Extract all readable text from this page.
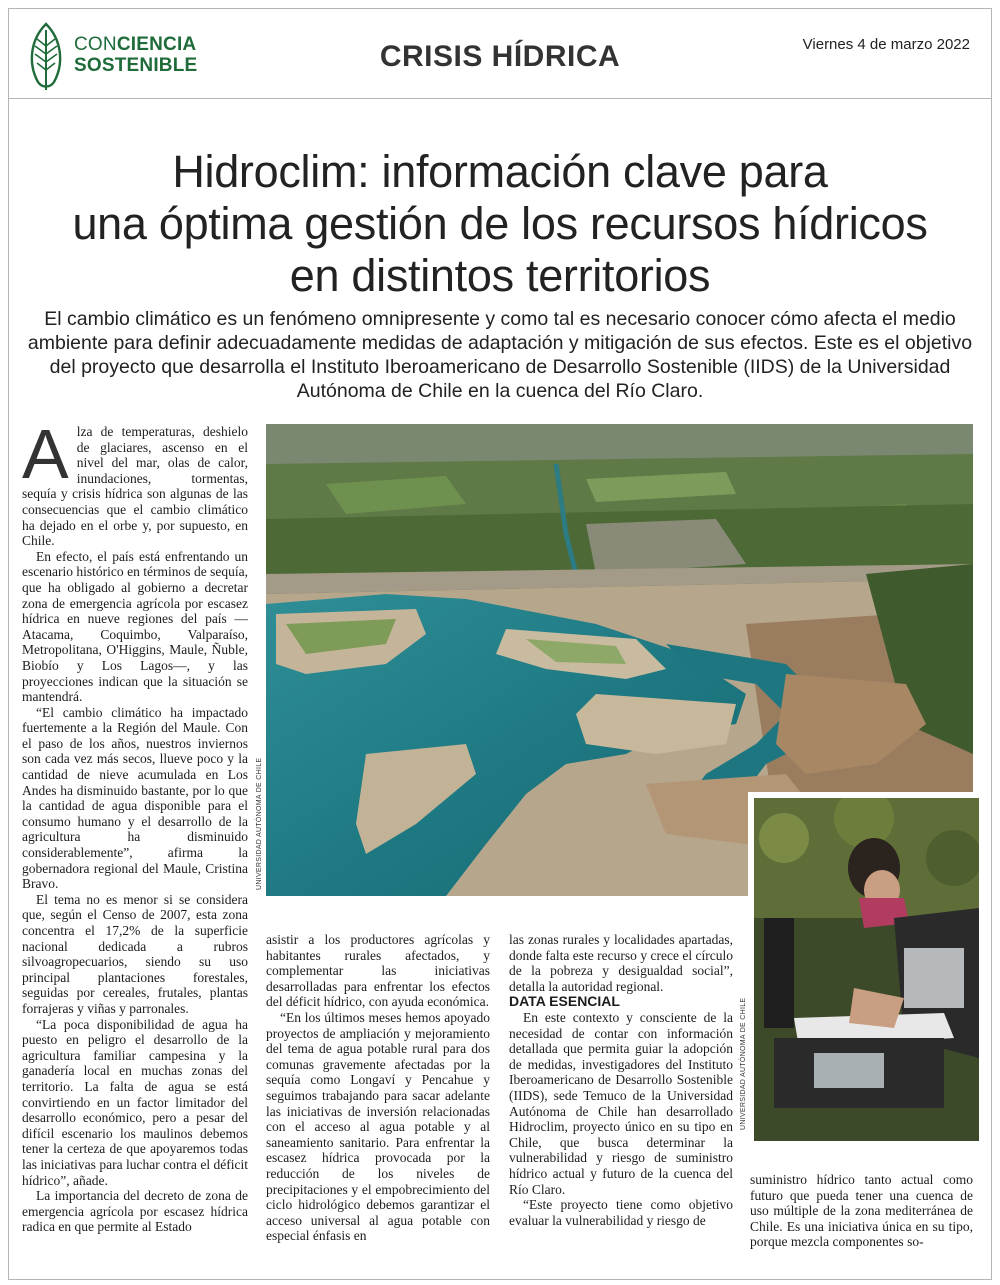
CONCIENCIA
SOSTENIBLE	CRISIS HÍDRICA	Viernes 4 de marzo 2022
Hidroclim: información clave para
una óptima gestión de los recursos hídricos
en distintos territorios
El cambio climático es un fenómeno omnipresente y como tal es necesario conocer cómo afecta el medio ambiente para definir adecuadamente medidas de adaptación y mitigación de sus efectos. Este es el objetivo del proyecto que desarrolla el Instituto Iberoamericano de Desarrollo Sostenible (IIDS) de la Universidad Autónoma de Chile en la cuenca del Río Claro.

Alza de temperaturas, deshielo de glaciares, ascenso en el nivel del mar, olas de calor, inundaciones, tormentas, sequía y crisis hídrica son algunas de las consecuencias que el cambio climático ha dejado en el orbe y, por supuesto, en Chile.

En efecto, el país está enfrentando un escenario histórico en términos de sequía, que ha obligado al gobierno a decretar zona de emergencia agrícola por escasez hídrica en nueve regiones del país —Atacama, Coquimbo, Valparaíso, Metropolitana, O'Higgins, Maule, Ñuble, Biobío y Los Lagos—, y las proyecciones indican que la situación se mantendrá.

“El cambio climático ha impactado fuertemente a la Región del Maule. Con el paso de los años, nuestros inviernos son cada vez más secos, llueve poco y la cantidad de nieve acumulada en Los Andes ha disminuido bastante, por lo que la cantidad de agua disponible para el consumo humano y el desarrollo de la agricultura ha disminuido considerablemente”, afirma la gobernadora regional del Maule, Cristina Bravo.

El tema no es menor si se considera que, según el Censo de 2007, esta zona concentra el 17,2% de la superficie nacional dedicada a rubros silvoagropecuarios, siendo su uso principal plantaciones forestales, seguidas por cereales, frutales, plantas forrajeras y viñas y parronales.

“La poca disponibilidad de agua ha puesto en peligro el desarrollo de la agricultura familiar campesina y la ganadería local en muchas zonas del territorio. La falta de agua se está convirtiendo en un factor limitador del desarrollo económico, pero a pesar del difícil escenario los maulinos debemos tener la certeza de que apoyaremos todas las iniciativas para luchar contra el déficit hídrico”, añade.

La importancia del decreto de zona de emergencia agrícola por escasez hídrica radica en que permite al Estado

UNIVERSIDAD AUTÓNOMA DE CHILE

asistir a los productores agrícolas y habitantes rurales afectados, y complementar las iniciativas desarrolladas para enfrentar los efectos del déficit hídrico, con ayuda económica.

“En los últimos meses hemos apoyado proyectos de ampliación y mejoramiento del tema de agua potable rural para dos comunas gravemente afectadas por la sequía como Longaví y Pencahue y seguimos trabajando para sacar adelante las iniciativas de inversión relacionadas con el acceso al agua potable y al saneamiento sanitario. Para enfrentar la escasez hídrica provocada por la reducción de los niveles de precipitaciones y el empobrecimiento del ciclo hidrológico debemos garantizar el acceso universal al agua potable con especial énfasis en

las zonas rurales y localidades apartadas, donde falta este recurso y crece el círculo de la pobreza y desigualdad social”, detalla la autoridad regional.

DATA ESENCIAL

En este contexto y consciente de la necesidad de contar con información detallada que permita guiar la adopción de medidas, investigadores del Instituto Iberoamericano de Desarrollo Sostenible (IIDS), sede Temuco de la Universidad Autónoma de Chile han desarrollado Hidroclim, proyecto único en su tipo en Chile, que busca determinar la vulnerabilidad y riesgo de suministro hídrico actual y futuro de la cuenca del Río Claro.

“Este proyecto tiene como objetivo evaluar la vulnerabilidad y riesgo de

UNIVERSIDAD AUTÓNOMA DE CHILE

suministro hídrico tanto actual como futuro que pueda tener una cuenca de uso múltiple de la zona mediterránea de Chile. Es una iniciativa única en su tipo, porque mezcla componentes so-
